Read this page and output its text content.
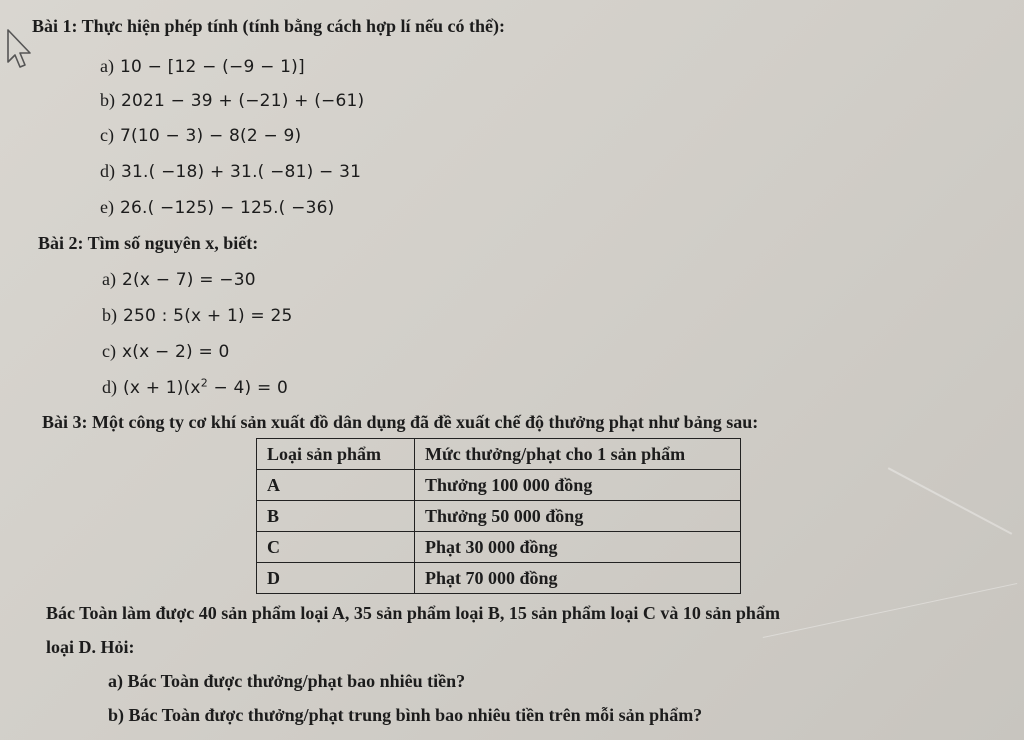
Bài 1: Thực hiện phép tính (tính bằng cách hợp lí nếu có thể):
a) 10 − [12 − (−9 − 1)]
b) 2021 − 39 + (−21) + (−61)
c) 7(10 − 3) − 8(2 − 9)
d) 31.( −18) + 31.( −81) − 31
e) 26.( −125) − 125.( −36)
Bài 2: Tìm số nguyên x, biết:
a) 2(x − 7) = −30
b) 250 : 5(x + 1) = 25
c) x(x − 2) = 0
d) $(x + 1)(x^2 - 4) = 0$
Bài 3: Một công ty cơ khí sản xuất đồ dân dụng đã đề xuất chế độ thưởng phạt như bảng sau:
Loại sản phẩm	Mức thưởng/phạt cho 1 sản phẩm
A	Thưởng 100 000 đồng
B	Thưởng 50 000 đồng
C	Phạt 30 000 đồng
D	Phạt 70 000 đồng
Bác Toàn làm được 40 sản phẩm loại A, 35 sản phẩm loại B, 15 sản phẩm loại C và 10 sản phẩm
loại D. Hỏi:
a) Bác Toàn được thưởng/phạt bao nhiêu tiền?
b) Bác Toàn được thưởng/phạt trung bình bao nhiêu tiền trên mỗi sản phẩm?
